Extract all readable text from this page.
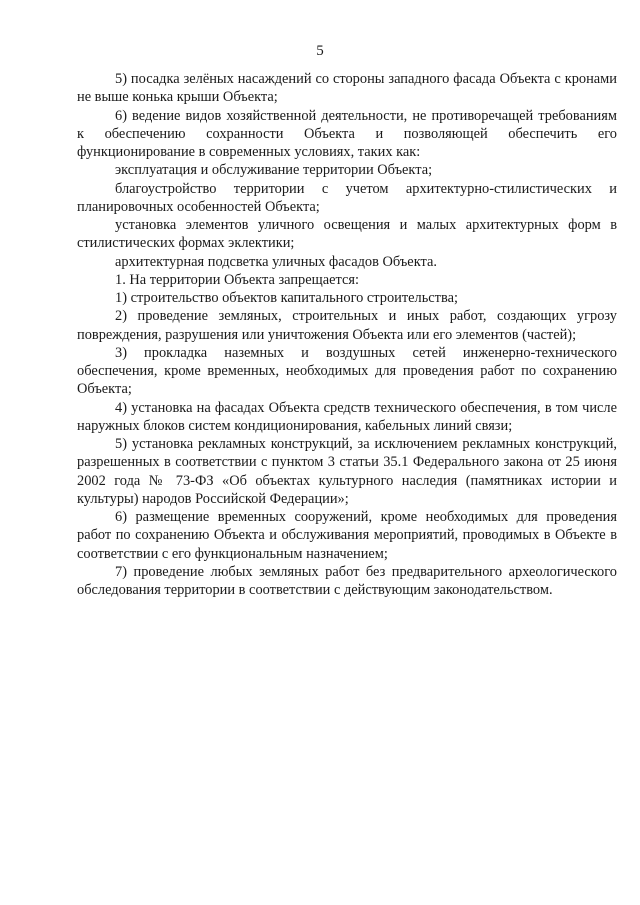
5

5) посадка зелёных насаждений со стороны западного фасада Объекта с кронами не выше конька крыши Объекта;

6) ведение видов хозяйственной деятельности, не противоречащей требованиям к обеспечению сохранности Объекта и позволяющей обеспечить его функционирование в современных условиях, таких как:

эксплуатация и обслуживание территории Объекта;

благоустройство территории с учетом архитектурно-стилистических и планировочных особенностей Объекта;

установка элементов уличного освещения и малых архитектурных форм в стилистических формах эклектики;

архитектурная подсветка уличных фасадов Объекта.

1. На территории Объекта запрещается:

1) строительство объектов капитального строительства;

2) проведение земляных, строительных и иных работ, создающих угрозу повреждения, разрушения или уничтожения Объекта или его элементов (частей);

3) прокладка наземных и воздушных сетей инженерно-технического обеспечения, кроме временных, необходимых для проведения работ по сохранению Объекта;

4) установка на фасадах Объекта средств технического обеспечения, в том числе наружных блоков систем кондиционирования, кабельных линий связи;

5) установка рекламных конструкций, за исключением рекламных конструкций, разрешенных в соответствии с пунктом 3 статьи 35.1 Федерального закона от 25 июня 2002 года № 73-ФЗ «Об объектах культурного наследия (памятниках истории и культуры) народов Российской Федерации»;

6) размещение временных сооружений, кроме необходимых для проведения работ по сохранению Объекта и обслуживания мероприятий, проводимых в Объекте в соответствии с его функциональным назначением;

7) проведение любых земляных работ без предварительного археологического обследования территории в соответствии с действующим законодательством.
